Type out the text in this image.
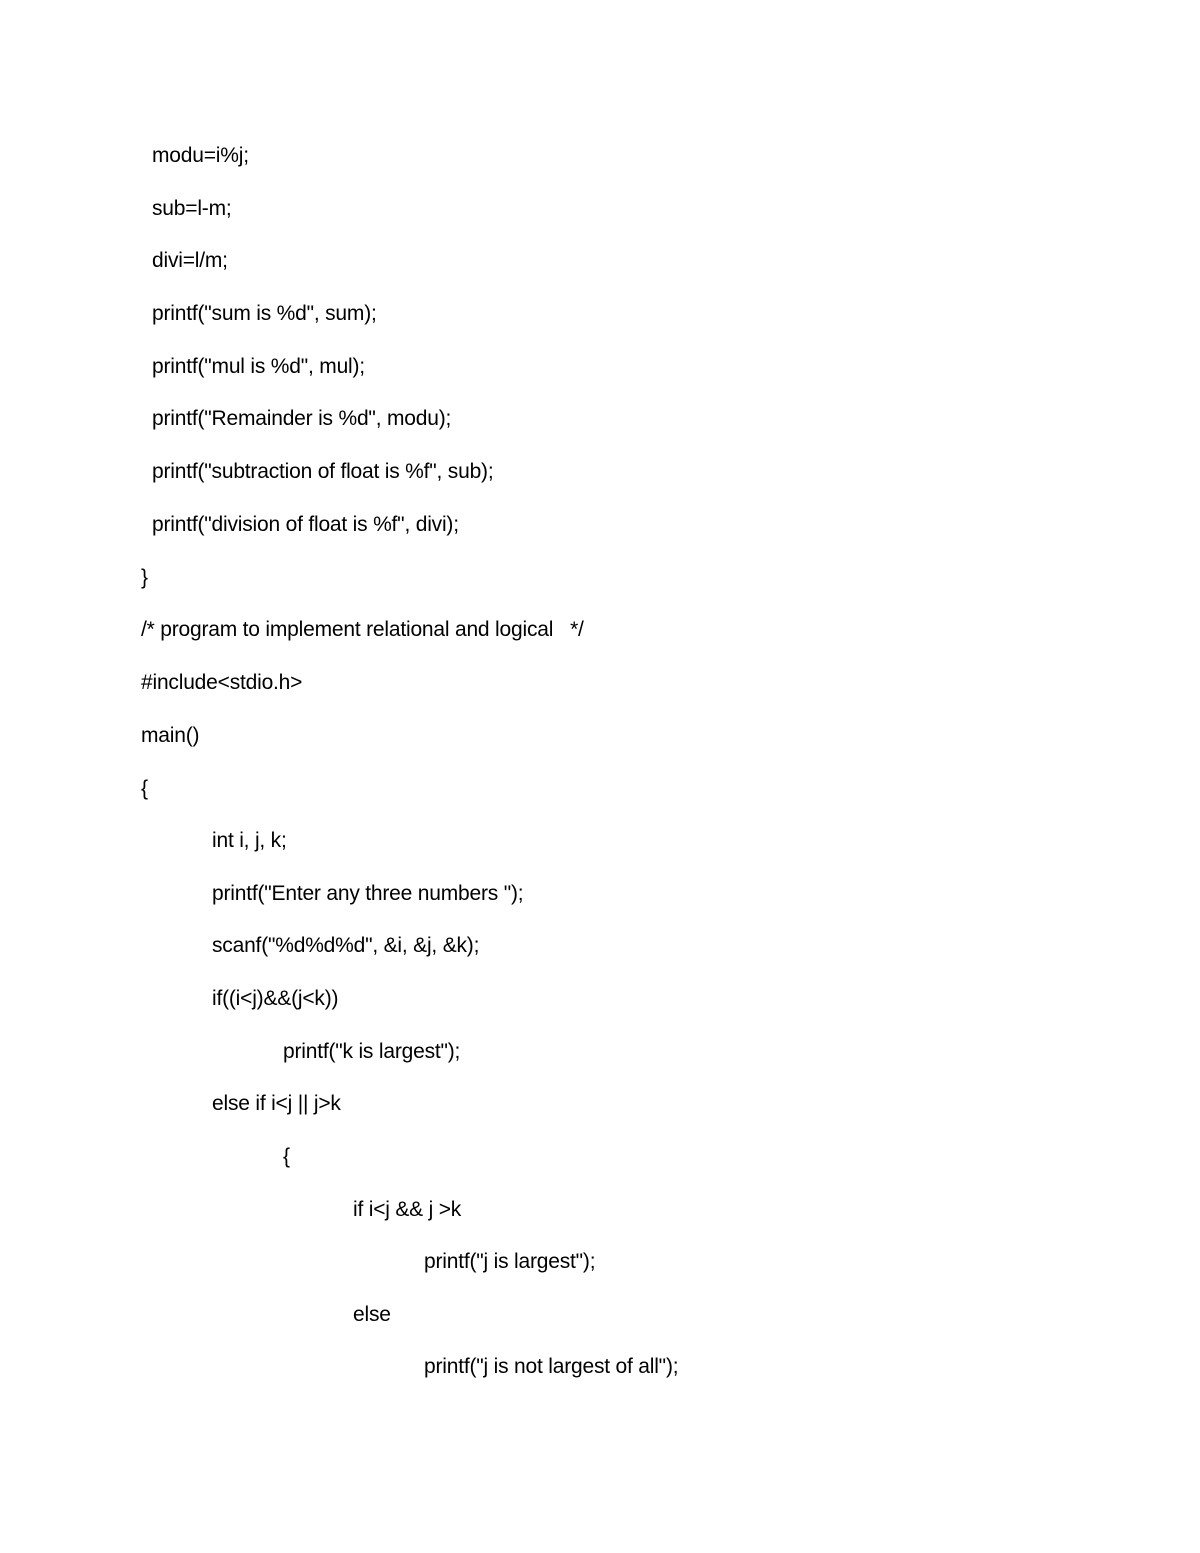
modu=i%j;

sub=l-m;

divi=l/m;

printf("sum is %d", sum);

printf("mul is %d", mul);

printf("Remainder is %d", modu);

printf("subtraction of float is %f", sub);

printf("division of float is %f", divi);

}

/* program to implement relational and logical   */

#include<stdio.h>

main()

{

int i, j, k;

printf("Enter any three numbers ");

scanf("%d%d%d", &i, &j, &k);

if((i<j)&&(j<k))

printf("k is largest");

else if i<j || j>k

{

if i<j && j >k

printf("j is largest");

else

printf("j is not largest of all");
